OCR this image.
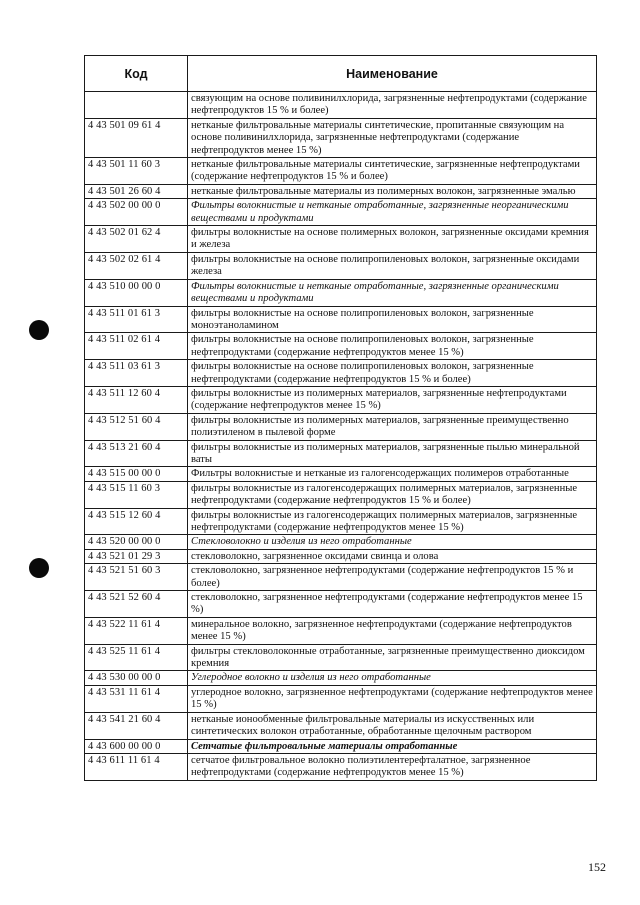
Код	Наименование
	связующим на основе поливинилхлорида, загрязненные нефтепродуктами (содержание нефтепродуктов 15 % и более)
4 43 501 09 61 4	нетканые фильтровальные материалы синтетические, пропитанные связующим на основе поливинилхлорида, загрязненные нефтепродуктами (содержание нефтепродуктов менее 15 %)
4 43 501 11 60 3	нетканые фильтровальные материалы синтетические, загрязненные нефтепродуктами (содержание нефтепродуктов 15 % и более)
4 43 501 26 60 4	нетканые фильтровальные материалы из полимерных волокон, загрязненные эмалью
4 43 502 00 00 0	Фильтры волокнистые и нетканые отработанные, загрязненные неорганическими веществами и продуктами
4 43 502 01 62 4	фильтры волокнистые на основе полимерных волокон, загрязненные оксидами кремния и железа
4 43 502 02 61 4	фильтры волокнистые на основе полипропиленовых волокон, загрязненные оксидами железа
4 43 510 00 00 0	Фильтры волокнистые и нетканые отработанные, загрязненные органическими веществами и продуктами
4 43 511 01 61 3	фильтры волокнистые на основе полипропиленовых волокон, загрязненные моноэтаноламином
4 43 511 02 61 4	фильтры волокнистые на основе полипропиленовых волокон, загрязненные нефтепродуктами (содержание нефтепродуктов менее 15 %)
4 43 511 03 61 3	фильтры волокнистые на основе полипропиленовых волокон, загрязненные нефтепродуктами (содержание нефтепродуктов 15 % и более)
4 43 511 12 60 4	фильтры волокнистые из полимерных материалов, загрязненные нефтепродуктами (содержание нефтепродуктов менее 15 %)
4 43 512 51 60 4	фильтры волокнистые из полимерных материалов, загрязненные преимущественно полиэтиленом в пылевой форме
4 43 513 21 60 4	фильтры волокнистые из полимерных материалов, загрязненные пылью минеральной ваты
4 43 515 00 00 0	Фильтры волокнистые и нетканые из галогенсодержащих полимеров отработанные
4 43 515 11 60 3	фильтры волокнистые из галогенсодержащих полимерных материалов, загрязненные нефтепродуктами (содержание нефтепродуктов 15 % и более)
4 43 515 12 60 4	фильтры волокнистые из галогенсодержащих полимерных материалов, загрязненные нефтепродуктами (содержание нефтепродуктов менее 15 %)
4 43 520 00 00 0	Стекловолокно и изделия из него отработанные
4 43 521 01 29 3	стекловолокно, загрязненное оксидами свинца и олова
4 43 521 51 60 3	стекловолокно, загрязненное нефтепродуктами (содержание нефтепродуктов 15 % и более)
4 43 521 52 60 4	стекловолокно, загрязненное нефтепродуктами (содержание нефтепродуктов менее 15 %)
4 43 522 11 61 4	минеральное волокно, загрязненное нефтепродуктами (содержание нефтепродуктов менее 15 %)
4 43 525 11 61 4	фильтры стекловолоконные отработанные, загрязненные преимущественно диоксидом кремния
4 43 530 00 00 0	Углеродное волокно и изделия из него отработанные
4 43 531 11 61 4	углеродное волокно, загрязненное нефтепродуктами (содержание нефтепродуктов менее 15 %)
4 43 541 21 60 4	нетканые ионообменные фильтровальные материалы из искусственных или синтетических волокон отработанные, обработанные щелочным раствором
4 43 600 00 00 0	Сетчатые фильтровальные материалы отработанные
4 43 611 11 61 4	сетчатое фильтровальное волокно полиэтилентерефталатное, загрязненное нефтепродуктами (содержание нефтепродуктов менее 15 %)
152
